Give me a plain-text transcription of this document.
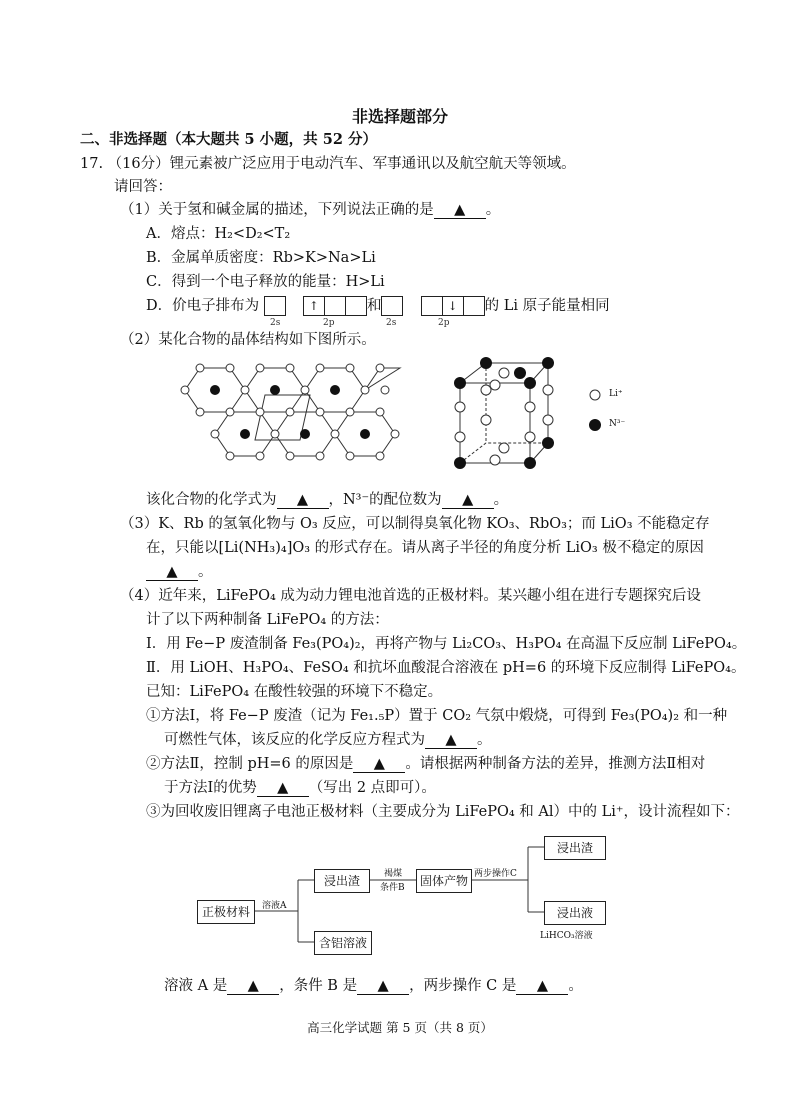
非选择题部分
二、非选择题（本大题共 5 小题，共 52 分）
17. （16分）锂元素被广泛应用于电动汽车、军事通讯以及航空航天等领域。
请回答：
（1）关于氢和碱金属的描述，下列说法正确的是 ▲ 。
A．熔点：H₂<D₂<T₂
B．金属单质密度：Rb>K>Na>Li
C．得到一个电子释放的能量：H>Li
D．价电子排布为	↑	和	↓ 的 Li 原子能量相同
2s	2p	2s	2p
（2）某化合物的晶体结构如下图所示。
Li⁺
N³⁻
该化合物的化学式为 ▲ ，N³⁻的配位数为 ▲ 。
（3）K、Rb 的氢氧化物与 O₃ 反应，可以制得臭氧化物 KO₃、RbO₃；而 LiO₃ 不能稳定存
在，只能以[Li(NH₃)₄]O₃ 的形式存在。请从离子半径的角度分析 LiO₃ 极不稳定的原因
▲ 。
（4）近年来，LiFePO₄ 成为动力锂电池首选的正极材料。某兴趣小组在进行专题探究后设
计了以下两种制备 LiFePO₄ 的方法：
Ⅰ．用 Fe−P 废渣制备 Fe₃(PO₄)₂，再将产物与 Li₂CO₃、H₃PO₄ 在高温下反应制 LiFePO₄。
Ⅱ．用 LiOH、H₃PO₄、FeSO₄ 和抗坏血酸混合溶液在 pH=6 的环境下反应制得 LiFePO₄。
已知：LiFePO₄ 在酸性较强的环境下不稳定。
①方法Ⅰ，将 Fe−P 废渣（记为 Fe₁.₅P）置于 CO₂ 气氛中煅烧，可得到 Fe₃(PO₄)₂ 和一种
可燃性气体，该反应的化学反应方程式为 ▲ 。
②方法Ⅱ，控制 pH=6 的原因是 ▲ 。请根据两种制备方法的差异，推测方法Ⅱ相对
于方法Ⅰ的优势 ▲ （写出 2 点即可）。
③为回收废旧锂离子电池正极材料（主要成分为 LiFePO₄ 和 Al）中的 Li⁺，设计流程如下：
正极材料	溶液A
浸出渣
含铝溶液
褐煤
条件B	固体产物 两步操作C
浸出渣
浸出液
LiHCO₃溶液
溶液 A 是 ▲ ，条件 B 是 ▲ ，两步操作 C 是 ▲ 。
高三化学试题 第 5 页（共 8 页）
